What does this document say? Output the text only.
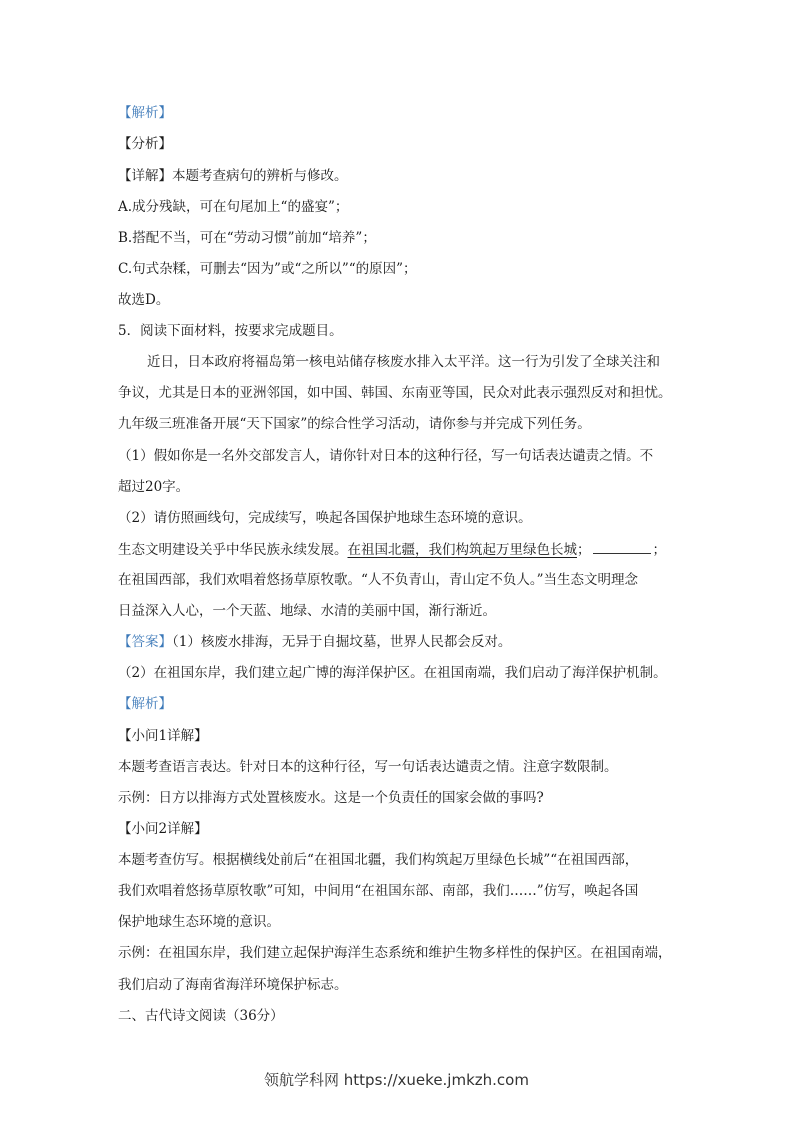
【解析】
【分析】
【详解】本题考查病句的辨析与修改。
A.成分残缺，可在句尾加上“的盛宴”；
B.搭配不当，可在“劳动习惯”前加“培养”；
C.句式杂糅，可删去“因为”或“之所以”“的原因”；
故选D。
5．阅读下面材料，按要求完成题目。
近日，日本政府将福岛第一核电站储存核废水排入太平洋。这一行为引发了全球关注和
争议，尤其是日本的亚洲邻国，如中国、韩国、东南亚等国，民众对此表示强烈反对和担忧。
九年级三班准备开展“天下国家”的综合性学习活动，请你参与并完成下列任务。
（1）假如你是一名外交部发言人，请你针对日本的这种行径，写一句话表达谴责之情。不
超过20字。
（2）请仿照画线句，完成续写，唤起各国保护地球生态环境的意识。
生态文明建设关乎中华民族永续发展。在祖国北疆，我们构筑起万里绿色长城；	；
在祖国西部，我们欢唱着悠扬草原牧歌。“人不负青山，青山定不负人。”当生态文明理念
日益深入人心，一个天蓝、地绿、水清的美丽中国，渐行渐近。
【答案】（1）核废水排海，无异于自掘坟墓，世界人民都会反对。
（2）在祖国东岸，我们建立起广博的海洋保护区。在祖国南端，我们启动了海洋保护机制。
【解析】
【小问1详解】
本题考查语言表达。针对日本的这种行径，写一句话表达谴责之情。注意字数限制。
示例：日方以排海方式处置核废水。这是一个负责任的国家会做的事吗?
【小问2详解】
本题考查仿写。根据横线处前后“在祖国北疆，我们构筑起万里绿色长城”“在祖国西部，
我们欢唱着悠扬草原牧歌”可知，中间用“在祖国东部、南部，我们……”仿写，唤起各国
保护地球生态环境的意识。
示例：在祖国东岸，我们建立起保护海洋生态系统和维护生物多样性的保护区。在祖国南端，
我们启动了海南省海洋环境保护标志。
二、古代诗文阅读（36分）
领航学科网 https://xueke.jmkzh.com
